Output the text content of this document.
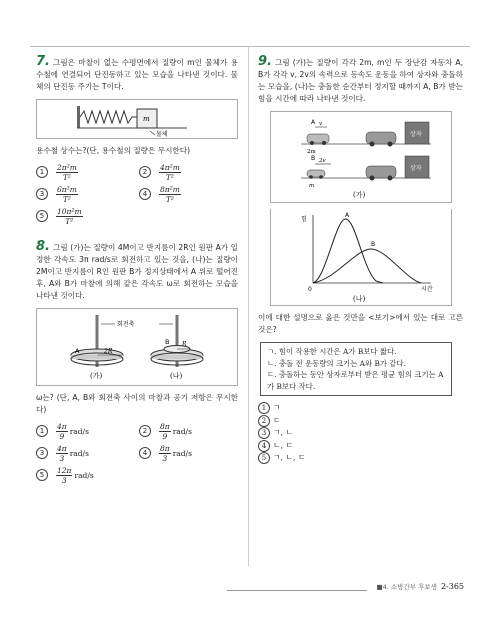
7. 그림은 마찰이 없는 수평면에서 질량이 m인 물체가 용수철에 연결되어 단진동하고 있는 모습을 나타낸 것이다. 물체의 단진동 주기는 T이다.
m
물체
용수철 상수는?(단, 용수철의 질량은 무시한다)
1	$\frac{\text{2π²m}}{\text{T²}}$	2	$\frac{\text{4π²m}}{\text{T²}}$
3	$\frac{\text{6π²m}}{\text{T²}}$	4	$\frac{\text{8π²m}}{\text{T²}}$
5	$\frac{\text{10π²m}}{\text{T²}}$
8. 그림 (가)는 질량이 4M이고 반지름이 2R인 원판 A가 일정한 각속도 3π rad/s로 회전하고 있는 것을, (나)는 질량이 2M이고 반지름이 R인 원판 B가 정지상태에서 A 위로 떨어진 후, A와 B가 마찰에 의해 같은 각속도 ω로 회전하는 모습을 나타낸 것이다.
회전축
A	2R
B R
(가)	(나)
ω는? (단, A, B와 회전축 사이의 마찰과 공기 저항은 무시한다)
1	$\frac{4\pi}{9} rad/s$	2	$\frac{8\pi}{9} rad/s$
3	$\frac{4\pi}{3} rad/s$	4	$\frac{8\pi}{3} rad/s$
5	$\frac{12\pi}{3} rad/s$
9. 그림 (가)는 질량이 각각 2m, m인 두 장난감 자동차 A, B가 각각 v, 2v의 속력으로 등속도 운동을 하여 상자와 충돌하는 모습을, (나)는 충돌한 순간부터 정지할 때까지 A, B가 받는 힘을 시간에 따라 나타낸 것이다.
A v
2m
상자
B 2v
m
상자
(가)
힘
시간
0
A
B
(나)
이에 대한 설명으로 옳은 것만을 <보기>에서 있는 대로 고른 것은?
ㄱ. 힘이 작용한 시간은 A가 B보다 짧다.
ㄴ. 충돌 전 운동량의 크기는 A와 B가 같다.
ㄷ. 충돌하는 동안 상자로부터 받은 평균 힘의 크기는 A가 B보다 작다.
1 ㄱ
2 ㄷ
3 ㄱ, ㄴ
4 ㄴ, ㄷ
5 ㄱ, ㄴ, ㄷ
■4. 소방간부 후보생 2-365
